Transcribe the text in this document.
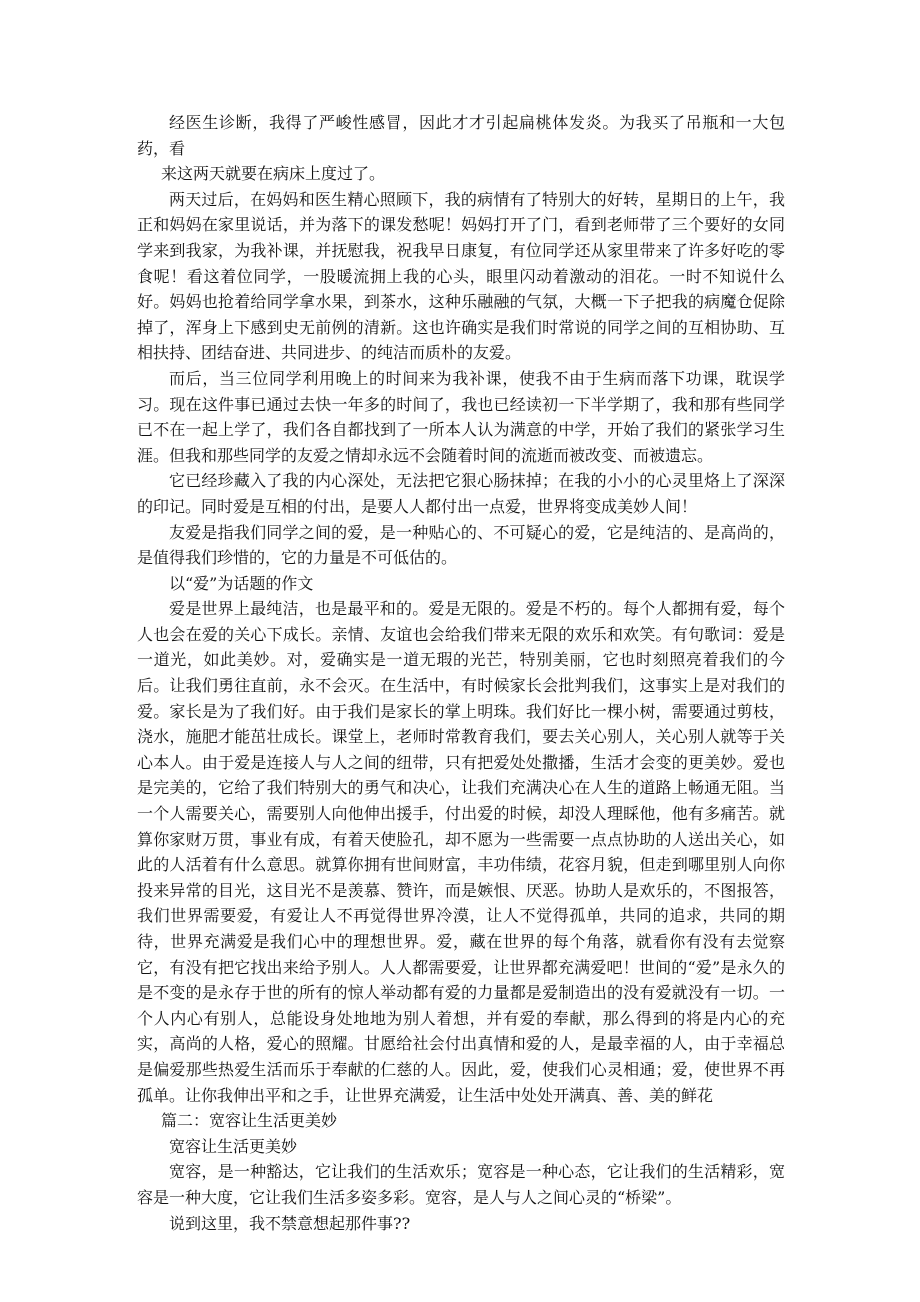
经医生诊断，我得了严峻性感冒，因此才才引起扁桃体发炎。为我买了吊瓶和一大包药，看

来这两天就要在病床上度过了。

两天过后，在妈妈和医生精心照顾下，我的病情有了特别大的好转，星期日的上午，我正和妈妈在家里说话，并为落下的课发愁呢！妈妈打开了门，看到老师带了三个要好的女同学来到我家，为我补课，并抚慰我，祝我早日康复，有位同学还从家里带来了许多好吃的零食呢！看这着位同学，一股暖流拥上我的心头，眼里闪动着激动的泪花。一时不知说什么好。妈妈也抢着给同学拿水果，到茶水，这种乐融融的气氛，大概一下子把我的病魔仓促除掉了，浑身上下感到史无前例的清新。这也许确实是我们时常说的同学之间的互相协助、互相扶持、团结奋进、共同进步、的纯洁而质朴的友爱。

而后，当三位同学利用晚上的时间来为我补课，使我不由于生病而落下功课，耽误学习。现在这件事已通过去快一年多的时间了，我也已经读初一下半学期了，我和那有些同学已不在一起上学了，我们各自都找到了一所本人认为满意的中学，开始了我们的紧张学习生涯。但我和那些同学的友爱之情却永远不会随着时间的流逝而被改变、而被遗忘。

它已经珍藏入了我的内心深处，无法把它狠心肠抹掉；在我的小小的心灵里烙上了深深的印记。同时爱是互相的付出，是要人人都付出一点爱，世界将变成美妙人间！

友爱是指我们同学之间的爱，是一种贴心的、不可疑心的爱，它是纯洁的、是高尚的，是值得我们珍惜的，它的力量是不可低估的。

以“爱”为话题的作文

爱是世界上最纯洁，也是最平和的。爱是无限的。爱是不朽的。每个人都拥有爱，每个人也会在爱的关心下成长。亲情、友谊也会给我们带来无限的欢乐和欢笑。有句歌词：爱是一道光，如此美妙。对，爱确实是一道无瑕的光芒，特别美丽，它也时刻照亮着我们的今后。让我们勇往直前，永不会灭。在生活中，有时候家长会批判我们，这事实上是对我们的爱。家长是为了我们好。由于我们是家长的掌上明珠。我们好比一棵小树，需要通过剪枝，浇水，施肥才能茁壮成长。课堂上，老师时常教育我们，要去关心别人，关心别人就等于关心本人。由于爱是连接人与人之间的纽带，只有把爱处处撒播，生活才会变的更美妙。爱也是完美的，它给了我们特别大的勇气和决心，让我们充满决心在人生的道路上畅通无阻。当一个人需要关心，需要别人向他伸出援手，付出爱的时候，却没人理睬他，他有多痛苦。就算你家财万贯，事业有成，有着天使脸孔，却不愿为一些需要一点点协助的人送出关心，如此的人活着有什么意思。就算你拥有世间财富，丰功伟绩，花容月貌，但走到哪里别人向你投来异常的目光，这目光不是羡慕、赞许，而是嫉恨、厌恶。协助人是欢乐的，不图报答，我们世界需要爱，有爱让人不再觉得世界冷漠，让人不觉得孤单，共同的追求，共同的期待，世界充满爱是我们心中的理想世界。爱，藏在世界的每个角落，就看你有没有去觉察它，有没有把它找出来给予别人。人人都需要爱，让世界都充满爱吧！世间的“爱”是永久的是不变的是永存于世的所有的惊人举动都有爱的力量都是爱制造出的没有爱就没有一切。一个人内心有别人，总能设身处地地为别人着想，并有爱的奉献，那么得到的将是内心的充实，高尚的人格，爱心的照耀。甘愿给社会付出真情和爱的人，是最幸福的人，由于幸福总是偏爱那些热爱生活而乐于奉献的仁慈的人。因此，爱，使我们心灵相通；爱，使世界不再孤单。让你我伸出平和之手，让世界充满爱，让生活中处处开满真、善、美的鲜花

篇二：宽容让生活更美妙

宽容让生活更美妙

宽容，是一种豁达，它让我们的生活欢乐；宽容是一种心态，它让我们的生活精彩，宽容是一种大度，它让我们生活多姿多彩。宽容，是人与人之间心灵的“桥梁”。

说到这里，我不禁意想起那件事??
